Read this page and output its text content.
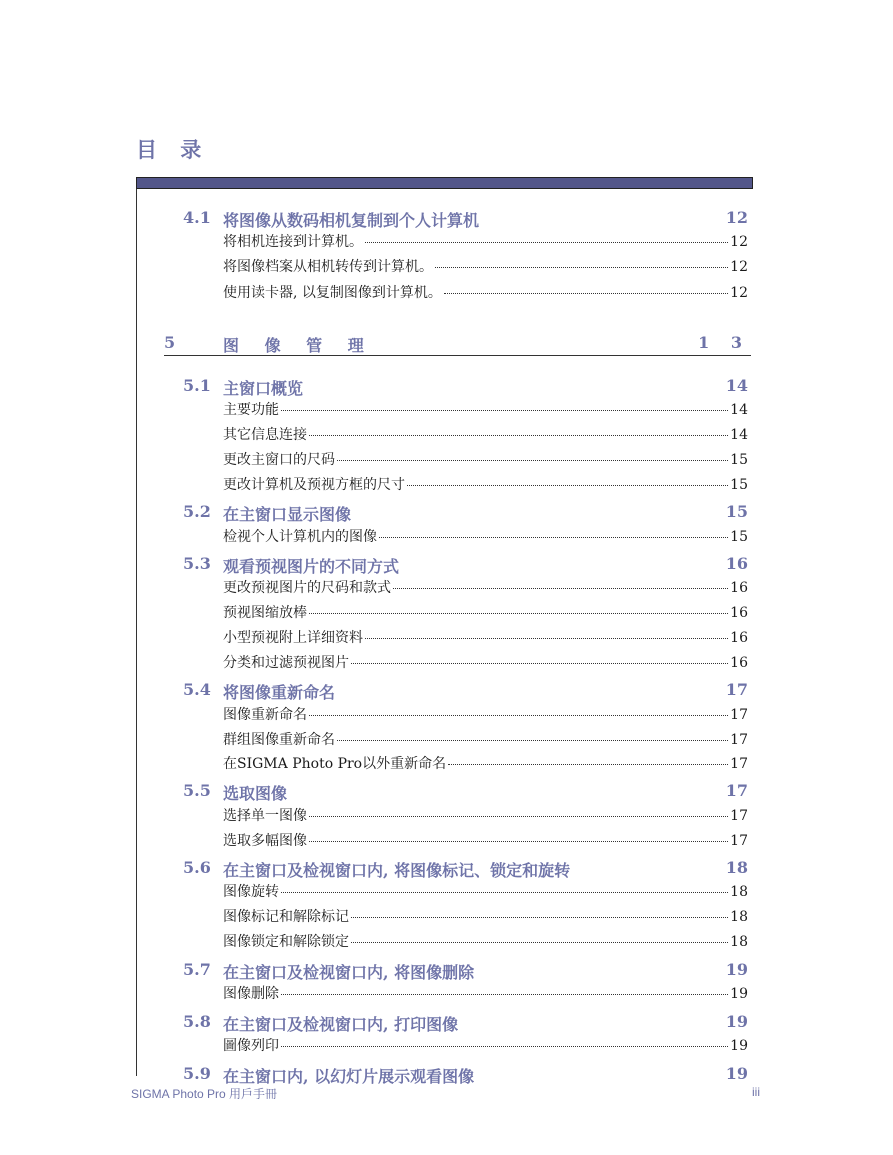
目 录
5	图 像 管 理	1 3
4.1 将图像从数码相机复制到个人计算机	12
将相机连接到计算机。	12
将图像档案从相机转传到计算机。	12
使用读卡器, 以复制图像到计算机。	12
5.1 主窗口概览	14
主要功能	14
其它信息连接	14
更改主窗口的尺码	15
更改计算机及预视方框的尺寸	15
5.2 在主窗口显示图像	15
检视个人计算机内的图像	15
5.3 观看预视图片的不同方式	16
更改预视图片的尺码和款式	16
预视图缩放棒	16
小型预视附上详细资料	16
分类和过滤预视图片	16
5.4 将图像重新命名	17
图像重新命名	17
群组图像重新命名	17
在SIGMA Photo Pro以外重新命名	17
5.5 选取图像	17
选择单一图像	17
选取多幅图像	17
5.6 在主窗口及检视窗口内, 将图像标记、锁定和旋转	18
图像旋转	18
图像标记和解除标记	18
图像锁定和解除锁定	18
5.7 在主窗口及检视窗口内, 将图像删除	19
图像删除	19
5.8 在主窗口及检视窗口内, 打印图像	19
圖像列印	19
5.9 在主窗口内, 以幻灯片展示观看图像	19
SIGMA Photo Pro 用戶手冊	iii
